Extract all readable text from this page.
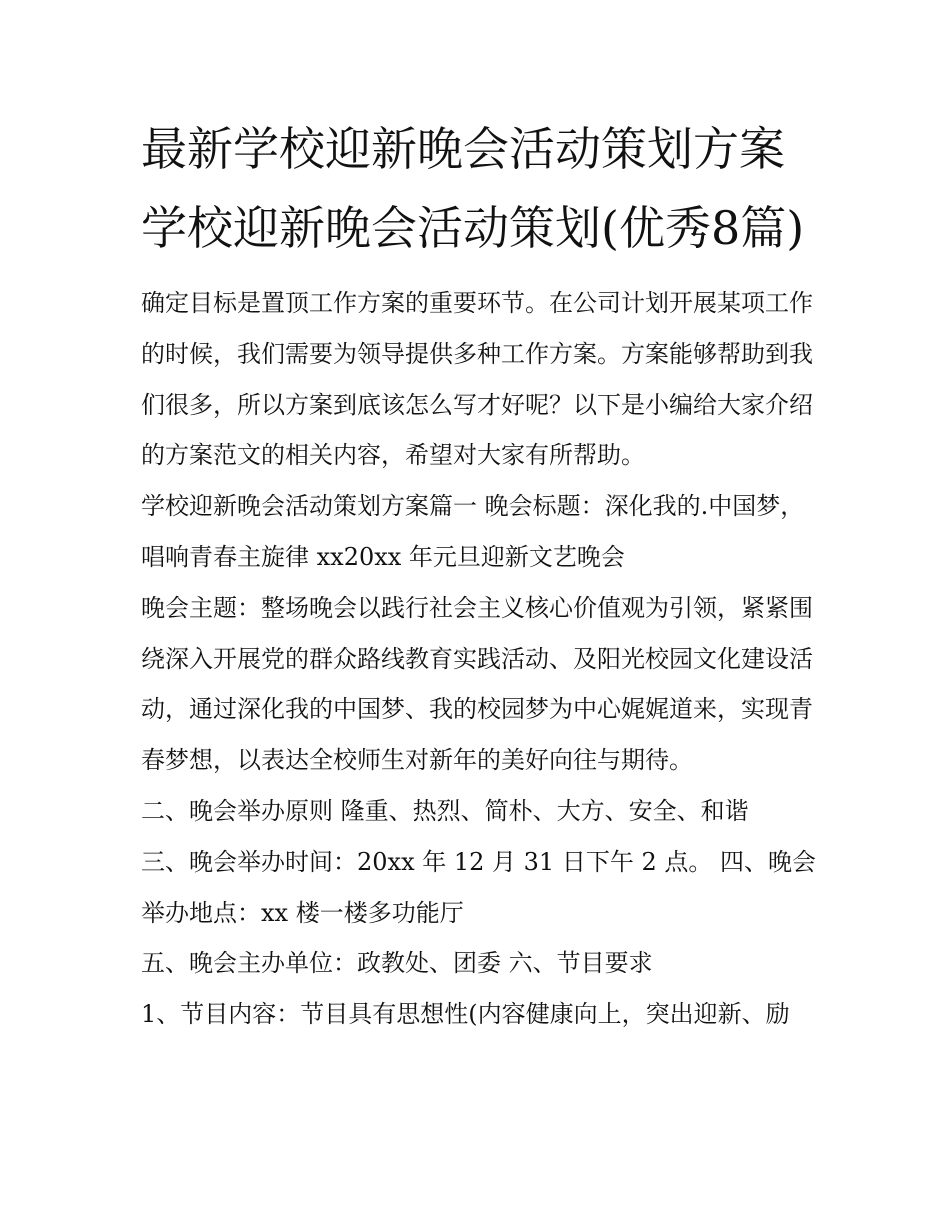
最新学校迎新晚会活动策划方案 学校迎新晚会活动策划(优秀8篇)

确定目标是置顶工作方案的重要环节。在公司计划开展某项工作的时候，我们需要为领导提供多种工作方案。方案能够帮助到我们很多，所以方案到底该怎么写才好呢？以下是小编给大家介绍的方案范文的相关内容，希望对大家有所帮助。

学校迎新晚会活动策划方案篇一 晚会标题：深化我的.中国梦，唱响青春主旋律 xx20xx 年元旦迎新文艺晚会

晚会主题：整场晚会以践行社会主义核心价值观为引领，紧紧围绕深入开展党的群众路线教育实践活动、及阳光校园文化建设活动，通过深化我的中国梦、我的校园梦为中心娓娓道来，实现青春梦想，以表达全校师生对新年的美好向往与期待。

二、晚会举办原则 隆重、热烈、简朴、大方、安全、和谐

三、晚会举办时间：20xx 年 12 月 31 日下午 2 点。 四、晚会举办地点：xx 楼一楼多功能厅

五、晚会主办单位：政教处、团委 六、节目要求

1、节目内容：节目具有思想性(内容健康向上，突出迎新、励
